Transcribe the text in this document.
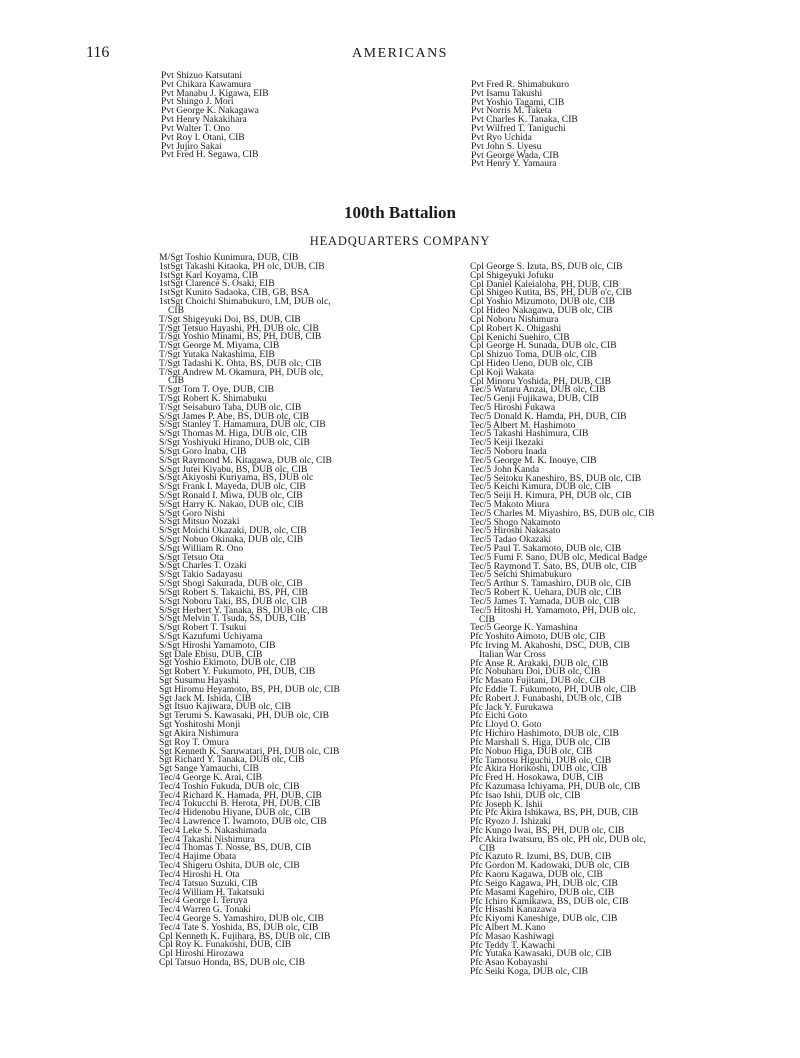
116	AMERICANS
Pvt Shizuo Katsutani
Pvt Chikara Kawamura
Pvt Manabu J. Kigawa, EIB
Pvt Shingo J. Mori
Pvt George K. Nakagawa
Pvt Henry Nakakihara
Pvt Walter T. Ono
Pvt Roy I. Otani, CIB
Pvt Jujiro Sakai
Pvt Fred H. Segawa, CIB
Pvt Fred R. Shimabukuro
Pvt Isamu Takushi
Pvt Yoshio Tagami, CIB
Pvt Norris M. Taketa
Pvt Charles K. Tanaka, CIB
Pvt Wilfred T. Taniguchi
Pvt Ryo Uchida
Pvt John S. Uyesu
Pvt George Wada, CIB
Pvt Henry Y. Yamaura
100th Battalion
HEADQUARTERS COMPANY
M/Sgt Toshio Kunimura, DUB, CIB
1stSgt Takashi Kitaoka, PH olc, DUB, CIB
1stSgt Karl Koyama, CIB
1stSgt Clarence S. Osaki, EIB
1stSgt Kunito Sadaoka, CIB, GB, BSA
1stSgt Choichi Shimabukuro, LM, DUB olc,
CIB
T/Sgt Shigeyuki Doi, BS, DUB, CIB
T/Sgt Tetsuo Hayashi, PH, DUB olc, CIB
T/Sgt Yoshio Minami, BS, PH, DUB, CIB
T/Sgt George M. Miyama, CIB
T/Sgt Yutaka Nakashima, EIB
T/Sgt Tadashi K. Ohta, BS, DUB olc, CIB
T/Sgt Andrew M. Okamura, PH, DUB olc,
CIB
T/Sgt Tom T. Oye, DUB, CIB
T/Sgt Robert K. Shimabuku
T/Sgt Seisaburo Taba, DUB olc, CIB
S/Sgt James P. Abe, BS, DUB olc, CIB
S/Sgt Stanley T. Hamamura, DUB olc, CIB
S/Sgt Thomas M. Higa, DUB olc, CIB
S/Sgt Yoshiyuki Hirano, DUB olc, CIB
S/Sgt Goro Inaba, CIB
S/Sgt Raymond M. Kitagawa, DUB olc, CIB
S/Sgt Jutei Kiyabu, BS, DUB olc, CIB
S/Sgt Akiyoshi Kuriyama, BS, DUB olc
S/Sgt Frank I. Mayeda, DUB olc, CIB
S/Sgt Ronald I. Miwa, DUB olc, CIB
S/Sgt Harry K. Nakao, DUB olc, CIB
S/Sgt Goro Nishi
S/Sgt Mitsuo Nozaki
S/Sgt Moichi Okazaki, DUB, olc, CIB
S/Sgt Nobuo Okinaka, DUB olc, CIB
S/Sgt William R. Ono
S/Sgt Tetsuo Ota
S/Sgt Charles T. Ozaki
S/Sgt Takio Sadayasu
S/Sgt Shogi Sakurada, DUB olc, CIB
S/Sgt Robert S. Takaichi, BS, PH, CIB
S/Sgt Noboru Taki, BS, DUB olc, CIB
S/Sgt Herbert Y. Tanaka, BS, DUB olc, CIB
S/Sgt Melvin T. Tsuda, SS, DUB, CIB
S/Sgt Robert T. Tsukui
S/Sgt Kazufumi Uchiyama
S/Sgt Hiroshi Yamamoto, CIB
Sgt Dale Ebisu, DUB, CIB
Sgt Yoshio Ekimoto, DUB olc, CIB
Sgt Robert Y. Fukumoto, PH, DUB, CIB
Sgt Susumu Hayashi
Sgt Hiromu Heyamoto, BS, PH, DUB olc, CIB
Sgt Jack M. Ishida, CIB
Sgt Itsuo Kajiwara, DUB olc, CIB
Sgt Terumi S. Kawasaki, PH, DUB olc, CIB
Sgt Yoshitoshi Monji
Sgt Akira Nishimura
Sgt Roy T. Omura
Sgt Kenneth K. Saruwatari, PH, DUB olc, CIB
Sgt Richard Y. Tanaka, DUB olc, CIB
Sgt Sange Yamauchi, CIB
Tec/4 George K. Arai, CIB
Tec/4 Toshio Fukuda, DUB olc, CIB
Tec/4 Richard K. Hamada, PH, DUB, CIB
Tec/4 Tokucchi B. Herota, PH, DUB, CIB
Tec/4 Hidenobu Hiyane, DUB olc, CIB
Tec/4 Lawrence T. Iwamoto, DUB olc, CIB
Tec/4 Leke S. Nakashimada
Tec/4 Takashi Nishimura
Tec/4 Thomas T. Nosse, BS, DUB, CIB
Tec/4 Hajime Obata
Tec/4 Shigeru Oshita, DUB olc, CIB
Tec/4 Hiroshi H. Ota
Tec/4 Tatsuo Suzuki, CIB
Tec/4 William H. Takatsuki
Tec/4 George I. Teruya
Tec/4 Warren G. Tonaki
Tec/4 George S. Yamashiro, DUB olc, CIB
Tec/4 Tate S. Yoshida, BS, DUB olc, CIB
Cpl Kenneth K. Fujihara, BS, DUB olc, CIB
Cpl Roy K. Funakoshi, DUB, CIB
Cpl Hiroshi Hirozawa
Cpl Tatsuo Honda, BS, DUB olc, CIB
Cpl George S. Izuta, BS, DUB olc, CIB
Cpl Shigeyuki Jofuku
Cpl Daniel Kaleialoha, PH, DUB, CIB
Cpl Shigeo Kutita, BS, PH, DUB o'c, CIB
Cpl Yoshio Mizumoto, DUB olc, CIB
Cpl Hideo Nakagawa, DUB olc, CIB
Cpl Noboru Nishimura
Cpl Robert K. Ohigashi
Cpl Kenichi Suehiro, CIB
Cpl George H. Sunada, DUB olc, CIB
Cpl Shizuo Toma, DUB olc, CIB
Cpl Hideo Ueno, DUB olc, CIB
Cpl Koji Wakata
Cpl Minoru Yoshida, PH, DUB, CIB
Tec/5 Wataru Anzai, DUB olc, CIB
Tec/5 Genji Fujikawa, DUB, CIB
Tec/5 Hiroshi Fukawa
Tec/5 Donald K. Hamda, PH, DUB, CIB
Tec/5 Albert M. Hashimoto
Tec/5 Takashi Hashimura, CIB
Tec/5 Keiji Ikezaki
Tec/5 Noboru Inada
Tec/5 George M. K. Inouye, CIB
Tec/5 John Kanda
Tec/5 Seitoku Kaneshiro, BS, DUB olc, CIB
Tec/5 Keichi Kimura, DUB olc, CIB
Tec/5 Seiji H. Kimura, PH, DUB olc, CIB
Tec/5 Makoto Miura
Tec/5 Charles M. Miyashiro, BS, DUB olc, CIB
Tec/5 Shogo Nakamoto
Tec/5 Hiroshi Nakasato
Tec/5 Tadao Okazaki
Tec/5 Paul T. Sakamoto, DUB olc, CIB
Tec/5 Fumi F. Sano, DUB olc, Medical Badge
Tec/5 Raymond T. Sato, BS, DUB olc, CIB
Tec/5 Seichi Shimabukuro
Tec/5 Arthur S. Tamashiro, DUB olc, CIB
Tec/5 Robert K. Uehara, DUB olc, CIB
Tec/5 James T. Yamada, DUB olc, CIB
Tec/5 Hitoshi H. Yamamoto, PH, DUB olc,
CIB
Tec/5 George K. Yamashina
Pfc Yoshito Aimoto, DUB olc, CIB
Pfc Irving M. Akahoshi, DSC, DUB, CIB
Italian War Cross
Pfc Anse R. Arakaki, DUB olc, CIB
Pfc Nobuharu Doi, DUB olc, CIB
Pfc Masato Fujitani, DUB olc, CIB
Pfc Eddie T. Fukumoto, PH, DUB olc, CIB
Pfc Robert J. Funabashi, DUB olc, CIB
Pfc Jack Y. Furukawa
Pfc Eichi Goto
Pfc Lloyd O. Goto
Pfc Hichiro Hashimoto, DUB olc, CIB
Pfc Marshall S. Higa, DUB olc, CIB
Pfc Nobuo Higa, DUB olc, CIB
Pfc Tamotsu Higuchi, DUB olc, CIB
Pfc Akira Horikoshi, DUB olc, CIB
Pfc Fred H. Hosokawa, DUB, CIB
Pfc Kazumasa Ichiyama, PH, DUB olc, CIB
Pfc Isao Ishii, DUB olc, CIB
Pfc Joseph K. Ishii
Pfc Pfc Akira Ishikawa, BS, PH, DUB, CIB
Pfc Ryozo J. Ishizaki
Pfc Kungo Iwai, BS, PH, DUB olc, CIB
Pfc Akira Iwatsuru, BS olc, PH olc, DUB olc,
CIB
Pfc Kazuto R. Izumi, BS, DUB, CIB
Pfc Gordon M. Kadowaki, DUB olc, CIB
Pfc Kaoru Kagawa, DUB olc, CIB
Pfc Seigo Kagawa, PH, DUB olc, CIB
Pfc Masami Kagehiro, DUB olc, CIB
Pfc Ichiro Kamikawa, BS, DUB olc, CIB
Pfc Hisashi Kanazawa
Pfc Kiyomi Kaneshige, DUB olc, CIB
Pfc Albert M. Kano
Pfc Masao Kashiwagi
Pfc Teddy T. Kawachi
Pfc Yutaka Kawasaki, DUB olc, CIB
Pfc Asao Kobayashi
Pfc Seiki Koga, DUB olc, CIB
